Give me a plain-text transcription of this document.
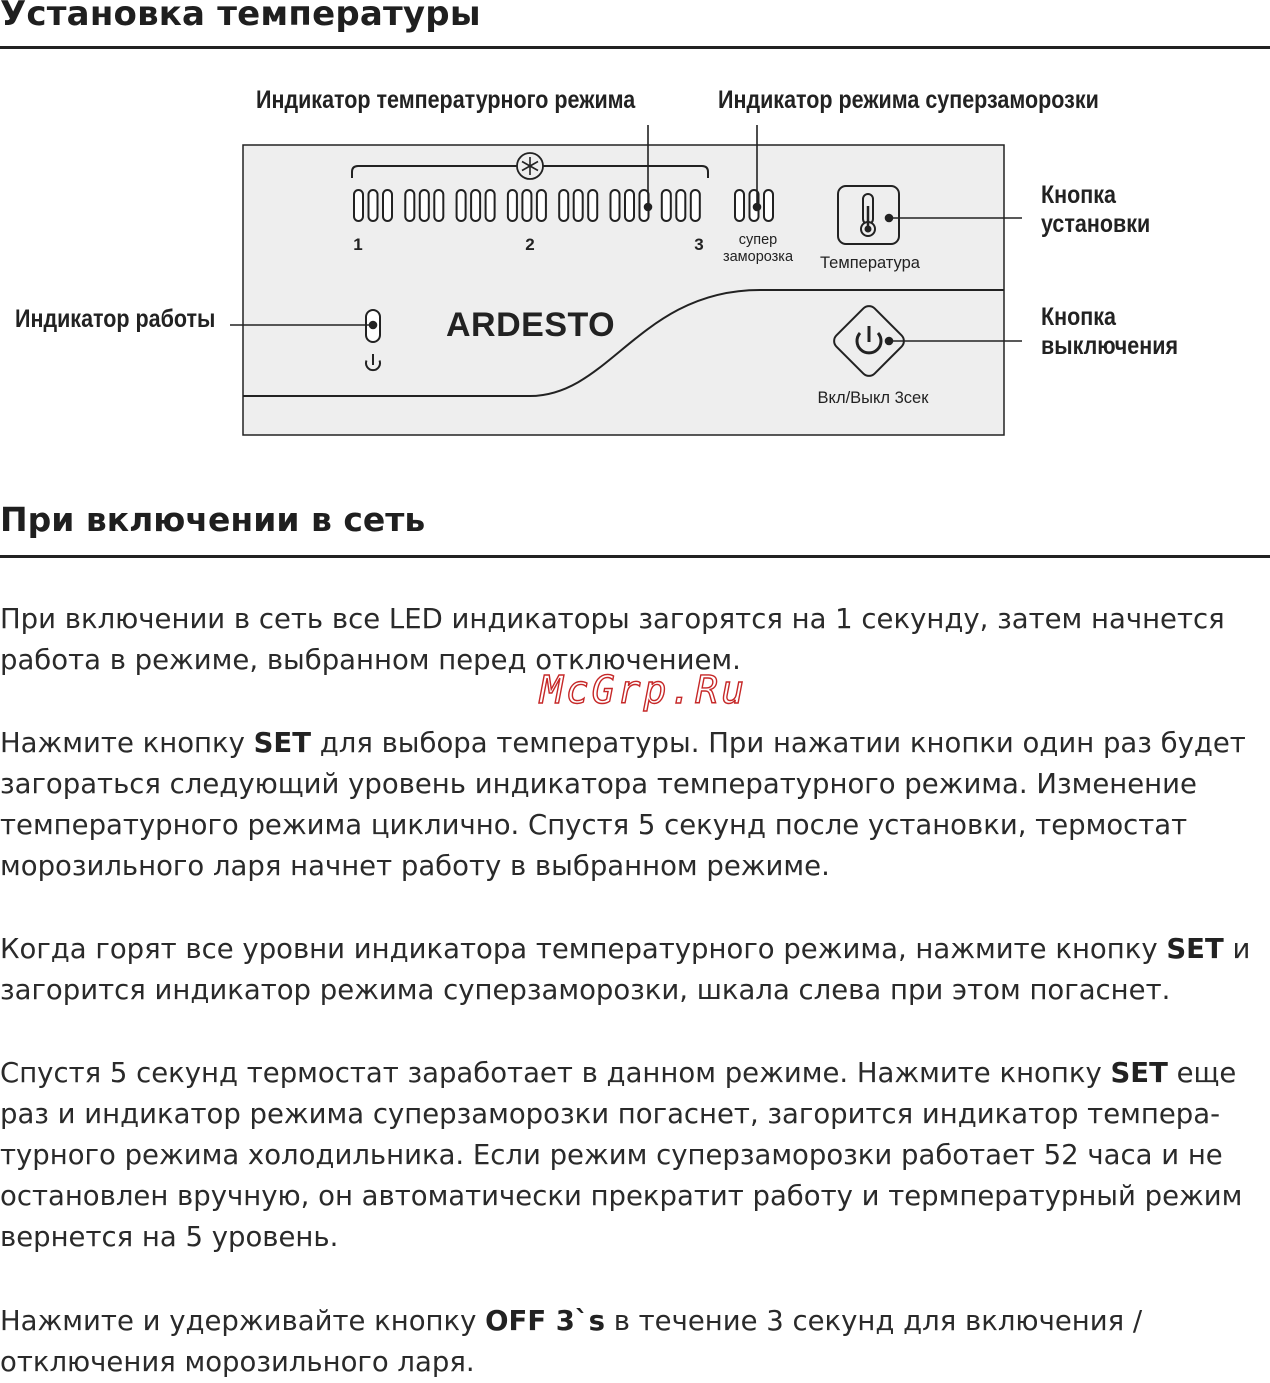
Установка температуры
Индикатор температурного режима	Индикатор режима суперзаморозки
Кнопка
установки
Индикатор работы	Кнопка
выключения
1	2	3 супер
заморозка Температура
ARDESTO
Вкл/Выкл 3сек
При включении в сеть

При включении в сеть все LED индикаторы загорятся на 1 секунду, затем начнется работа в режиме, выбранном перед отключением.

McGrp.Ru

Нажмите кнопку SET для выбора температуры. При нажатии кнопки один раз будет загораться следующий уровень индикатора температурного режима. Изменение температурного режима циклично. Спустя 5 секунд после установки, термостат морозильного ларя начнет работу в выбранном режиме.

Когда горят все уровни индикатора температурного режима, нажмите кнопку SET и загорится индикатор режима суперзаморозки, шкала слева при этом погаснет.

Спустя 5 секунд термостат заработает в данном режиме. Нажмите кнопку SET еще раз и индикатор режима суперзаморозки погаснет, загорится индикатор темпера-турного режима холодильника. Если режим суперзаморозки работает 52 часа и не остановлен вручную, он автоматически прекратит работу и термпературный режим вернется на 5 уровень.

Нажмите и удерживайте кнопку OFF 3`s в течение 3 секунд для включения / отключения морозильного ларя.
